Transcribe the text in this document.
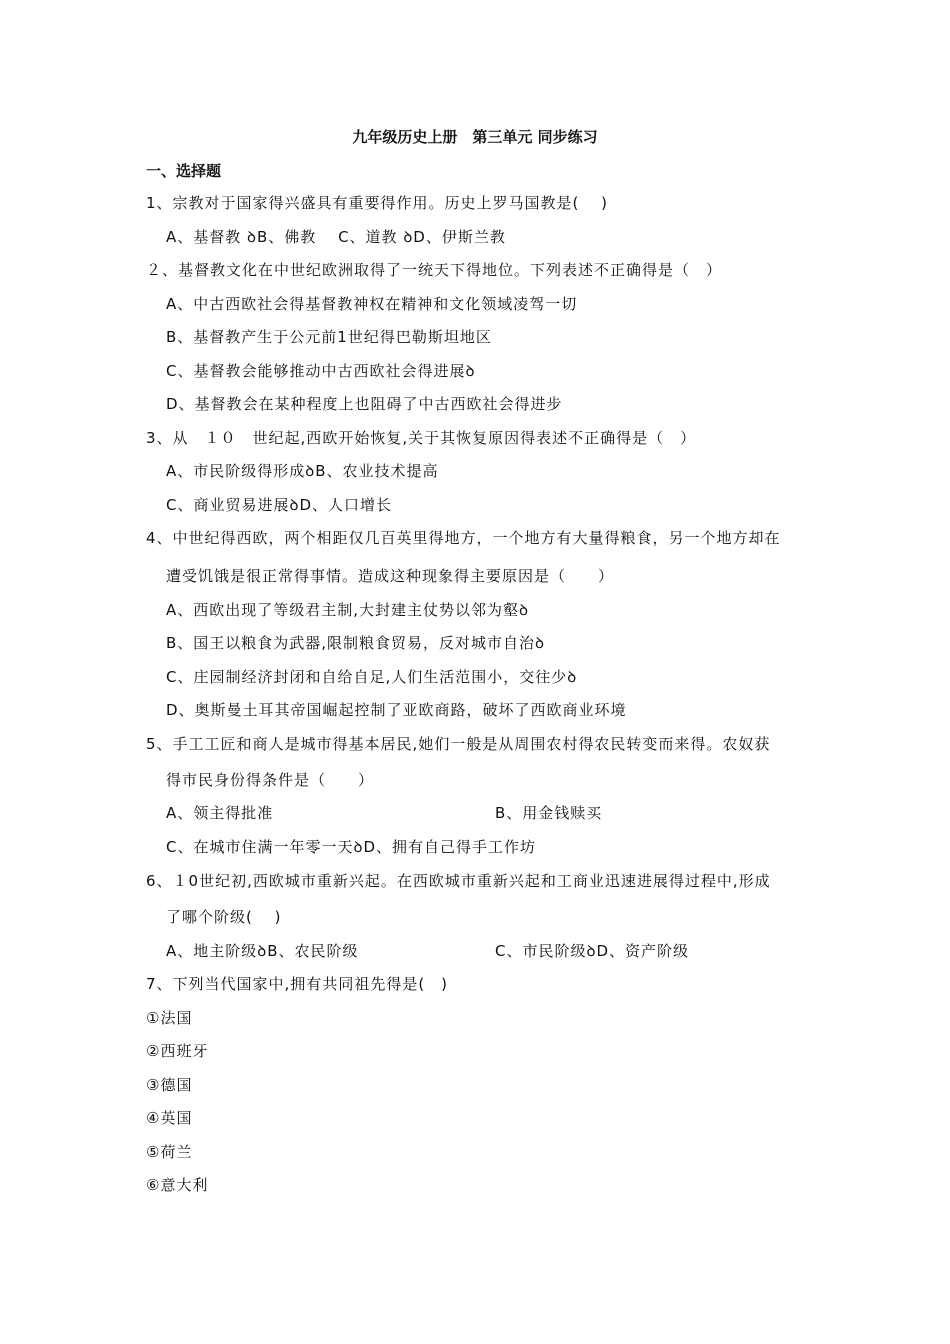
九年级历史上册　第三单元 同步练习
一、选择题
1、宗教对于国家得兴盛具有重要得作用。历史上罗马国教是(　 )
A、基督教 ꝺB、佛教　 C、道教 ꝺD、伊斯兰教
２、基督教文化在中世纪欧洲取得了一统天下得地位。下列表述不正确得是（　）
A、中古西欧社会得基督教神权在精神和文化领域凌驾一切
B、基督教产生于公元前1世纪得巴勒斯坦地区
C、基督教会能够推动中古西欧社会得进展ꝺ
D、基督教会在某种程度上也阻碍了中古西欧社会得进步
3、从　１０　世纪起,西欧开始恢复,关于其恢复原因得表述不正确得是（　）
A、市民阶级得形成ꝺB、农业技术提高
C、商业贸易进展ꝺD、人口增长
4、中世纪得西欧，两个相距仅几百英里得地方，一个地方有大量得粮食，另一个地方却在
遭受饥饿是很正常得事情。造成这种现象得主要原因是（　　）
A、西欧出现了等级君主制,大封建主仗势以邻为壑ꝺ
B、国王以粮食为武器,限制粮食贸易，反对城市自治ꝺ
C、庄园制经济封闭和自给自足,人们生活范围小，交往少ꝺ
D、奥斯曼土耳其帝国崛起控制了亚欧商路，破坏了西欧商业环境
5、手工工匠和商人是城市得基本居民,她们一般是从周围农村得农民转变而来得。农奴获
得市民身份得条件是（　　）
A、领主得批准	B、用金钱赎买
C、在城市住满一年零一天ꝺD、拥有自己得手工作坊
6、１0世纪初,西欧城市重新兴起。在西欧城市重新兴起和工商业迅速进展得过程中,形成
了哪个阶级(　 )
A、地主阶级ꝺB、农民阶级	C、市民阶级ꝺD、资产阶级
7、下列当代国家中,拥有共同祖先得是(　)
①法国
②西班牙
③德国
④英国
⑤荷兰
⑥意大利
